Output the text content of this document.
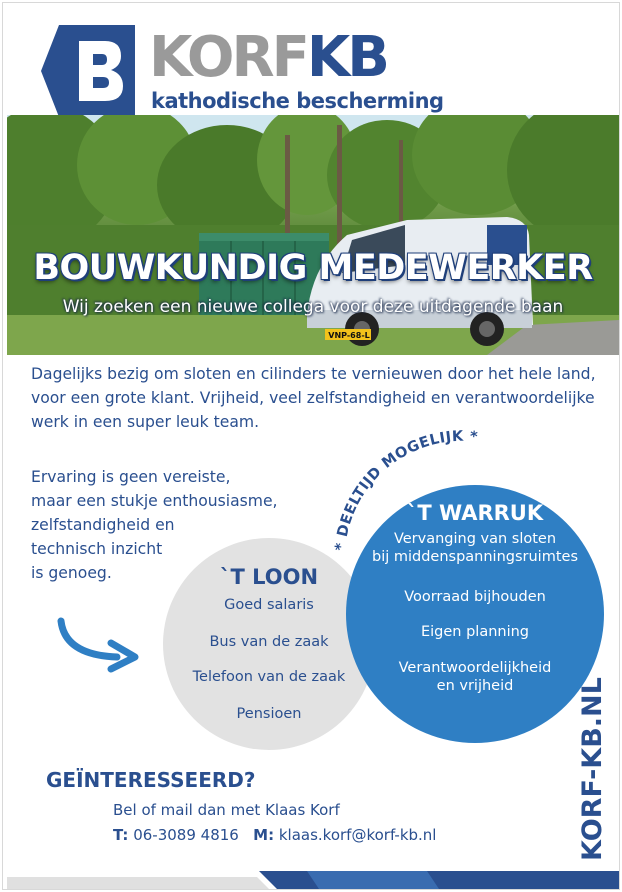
KORFKB
kathodische bescherming
VNP-68-L
BOUWKUNDIG MEDEWERKER
Wij zoeken een nieuwe collega voor deze uitdagende baan
Dagelijks bezig om sloten en cilinders te vernieuwen door het hele land, voor een grote klant. Vrijheid, veel zelfstandigheid en verantwoordelijke werk in een super leuk team.
Ervaring is geen vereiste,
maar een stukje enthousiasme,
zelfstandigheid en
technisch inzicht
is genoeg.	`T LOON
Goed salaris
Bus van de zaak
Telefoon van de zaak
Pensioen
`T WARRUK
Vervanging van sloten
bij middenspanningsruimtes
Voorraad bijhouden
Eigen planning
Verantwoordelijkheid
en vrijheid
* DEELTIJD MOGELIJK *
GEÏNTERESSEERD?
Bel of mail dan met Klaas Korf
T: 06-3089 4816 M: klaas.korf@korf-kb.nl	KORF-KB.NL
